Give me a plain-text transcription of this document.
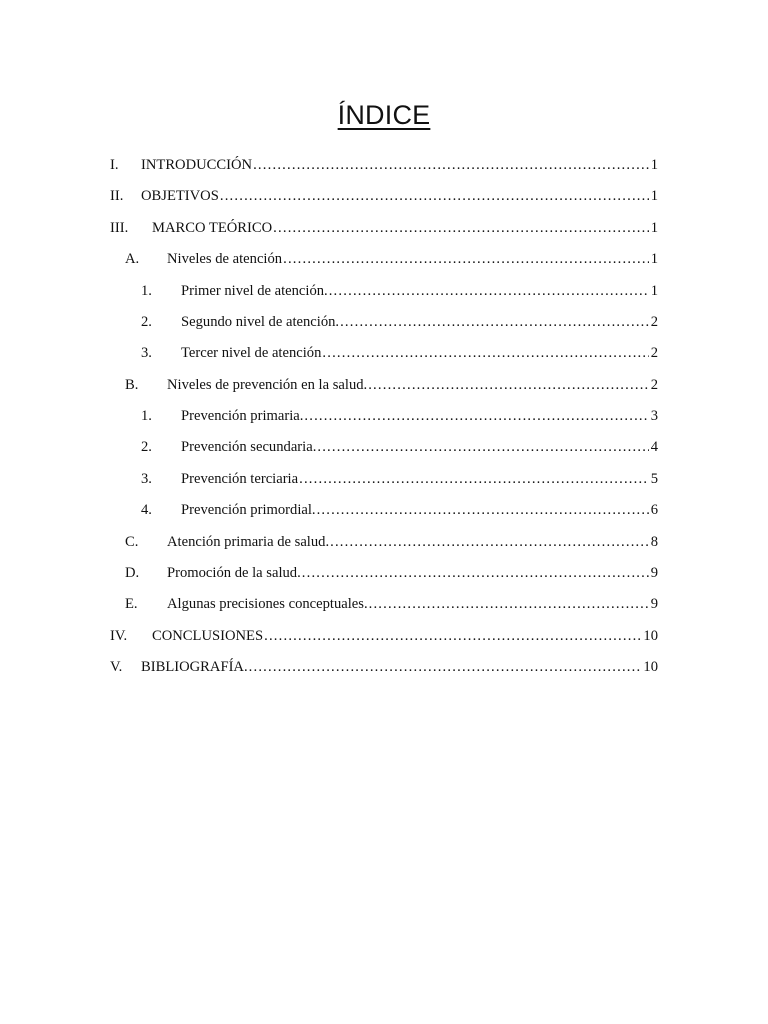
ÍNDICE
I.	INTRODUCCIÓN .....	1
II.	OBJETIVOS .....	1
III.	MARCO TEÓRICO .....	1
A.	Niveles de atención .....	1
1.	Primer nivel de atención. .....	1
2.	Segundo nivel de atención. .....	2
3.	Tercer nivel de atención .....	2
B.	Niveles de prevención en la salud. .....	2
1.	Prevención primaria. .....	3
2.	Prevención secundaria. .....	4
3.	Prevención terciaria .....	5
4.	Prevención primordial. .....	6
C.	Atención primaria de salud. .....	8
D.	Promoción de la salud. .....	9
E.	Algunas precisiones conceptuales. .....	9
IV.	CONCLUSIONES .....	10
V.	BIBLIOGRAFÍA. .....	10
